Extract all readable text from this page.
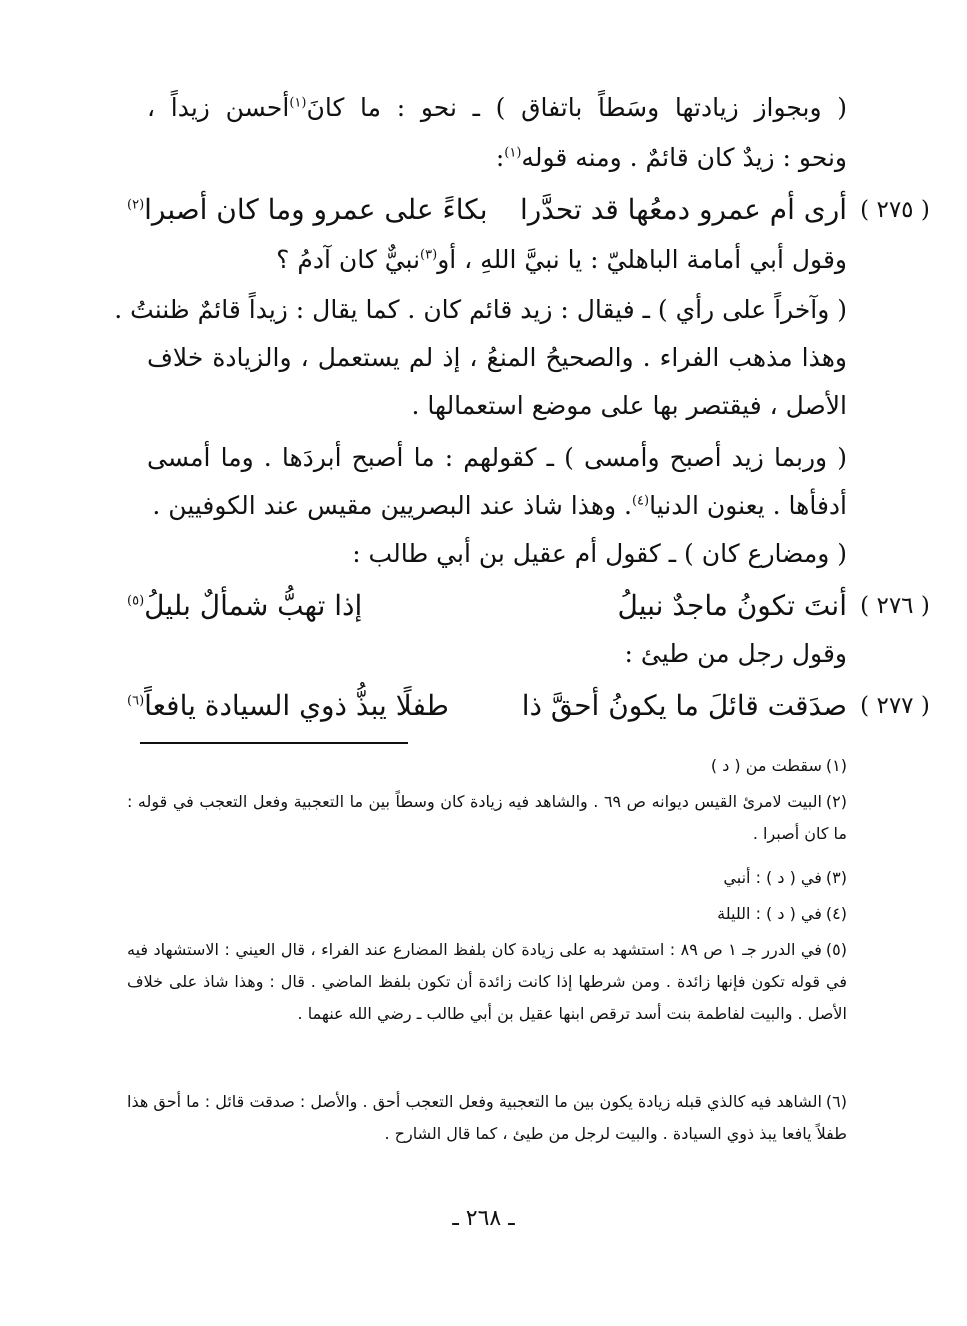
( وبجواز زيادتها وسَطاً باتفاق ) ـ نحو : ما كانَ$^{(١)}$أحسن زيداً ،
ونحو : زيدٌ كان قائمٌ . ومنه قوله$^{(١)}$:
( ٢٧٥ )
أرى أم عمرو دمعُها قد تحدَّرا
بكاءً على عمرو وما كان أصبرا$^{(٢)}$
وقول أبي أمامة الباهليّ : يا نبيَّ اللهِ ، أو$^{(٣)}$نبيٌّ كان آدمُ ؟
( وآخراً على رأي ) ـ فيقال : زيد قائم كان . كما يقال : زيداً قائمٌ ظننتُ .
وهذا مذهب الفراء . والصحيحُ المنعُ ، إذ لم يستعمل ، والزيادة خلاف
الأصل ، فيقتصر بها على موضع استعمالها .
( وربما زيد أصبح وأمسى ) ـ كقولهم : ما أصبح أبردَها . وما أمسى
أدفأها . يعنون الدنيا$^{(٤)}$. وهذا شاذ عند البصريين مقيس عند الكوفيين .
( ومضارع كان ) ـ كقول أم عقيل بن أبي طالب :
( ٢٧٦ )
أنتَ تكونُ ماجدٌ نبيلُ
إذا تهبُّ شمألٌ بليلُ$^{(٥)}$
وقول رجل من طيئ :
( ٢٧٧ )
صدَقت قائلَ ما يكونُ أحقَّ ذا
طفلًا يبذُّ ذوي السيادة يافعاً$^{(٦)}$
(١)سقطت من ( د )
(٢)البيت لامرئ القيس ديوانه ص ٦٩ . والشاهد فيه زيادة كان وسطاً بين ما التعجبية وفعل التعجب في قوله : ما كان أصبرا .
(٣)في ( د ) : أنبي
(٤)في ( د ) : الليلة
(٥)في الدرر جـ ١ ص ٨٩ : استشهد به على زيادة كان بلفظ المضارع عند الفراء ، قال العيني : الاستشهاد فيه في قوله تكون فإنها زائدة . ومن شرطها إذا كانت زائدة أن تكون بلفظ الماضي . قال : وهذا شاذ على خلاف الأصل . والبيت لفاطمة بنت أسد ترقص ابنها عقيل بن أبي طالب ـ رضي الله عنهما .
(٦)الشاهد فيه كالذي قبله زيادة يكون بين ما التعجبية وفعل التعجب أحق . والأصل : صدقت قائل : ما أحق هذا طفلاً يافعا يبذ ذوي السيادة . والبيت لرجل من طيئ ، كما قال الشارح .
ـ ٢٦٨ ـ
